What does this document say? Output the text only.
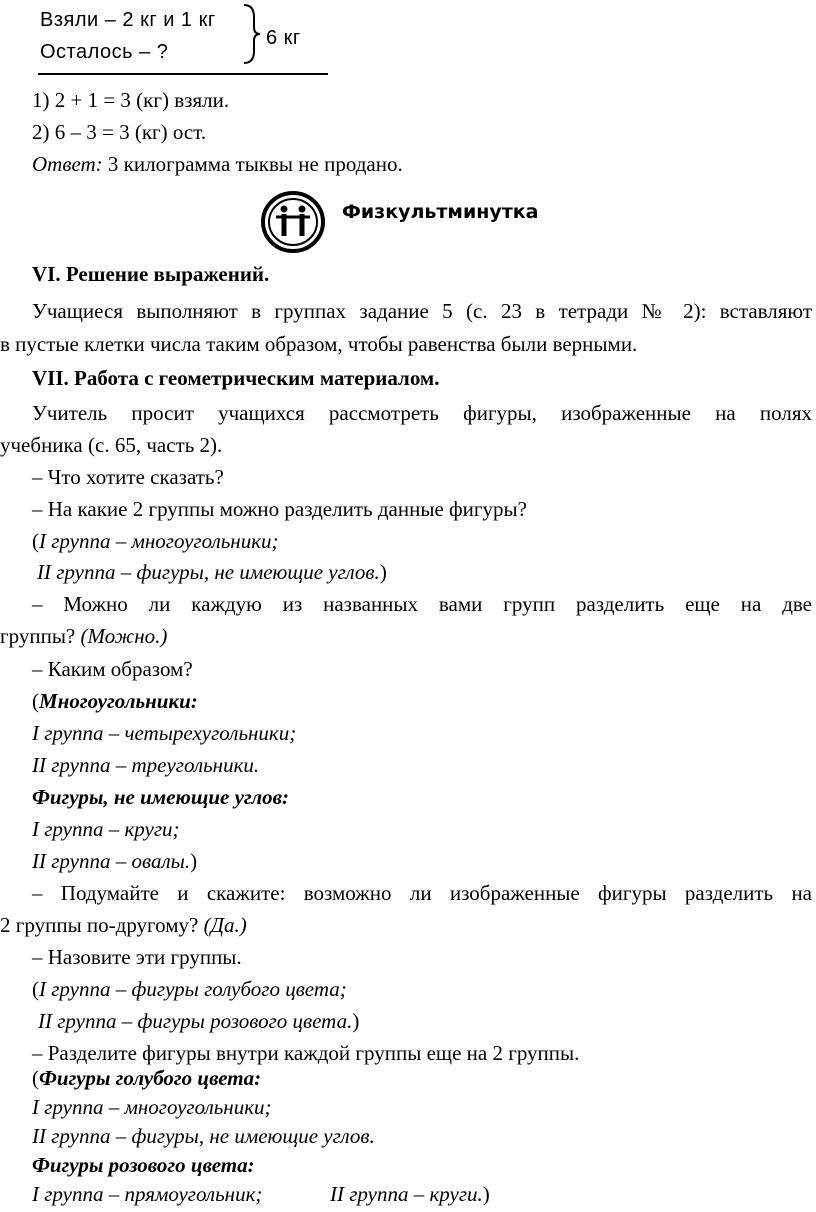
Взяли – 2 кг и 1 кг
Осталось – ?
6 кг
1) 2 + 1 = 3 (кг) взяли.
2) 6 – 3 = 3 (кг) ост.
Ответ: 3 килограмма тыквы не продано.
Физкультминутка
VI. Решение выражений.
Учащиеся выполняют в группах задание 5 (с. 23 в тетради № 2): вставляют
в пустые клетки числа таким образом, чтобы равенства были верными.
VII. Работа с геометрическим материалом.
Учитель просит учащихся рассмотреть фигуры, изображенные на полях
учебника (с. 65, часть 2).
– Что хотите сказать?
– На какие 2 группы можно разделить данные фигуры?
(I группа – многоугольники;
II группа – фигуры, не имеющие углов.)
– Можно ли каждую из названных вами групп разделить еще на две
группы? (Можно.)
– Каким образом?
(Многоугольники:
I группа – четырехугольники;
II группа – треугольники.
Фигуры, не имеющие углов:
I группа – круги;
II группа – овалы.)
– Подумайте и скажите: возможно ли изображенные фигуры разделить на
2 группы по-другому? (Да.)
– Назовите эти группы.
(I группа – фигуры голубого цвета;
II группа – фигуры розового цвета.)
– Разделите фигуры внутри каждой группы еще на 2 группы.
(Фигуры голубого цвета:
I группа – многоугольники;
II группа – фигуры, не имеющие углов.
Фигуры розового цвета:
I группа – прямоугольник;	II группа – круги.)
